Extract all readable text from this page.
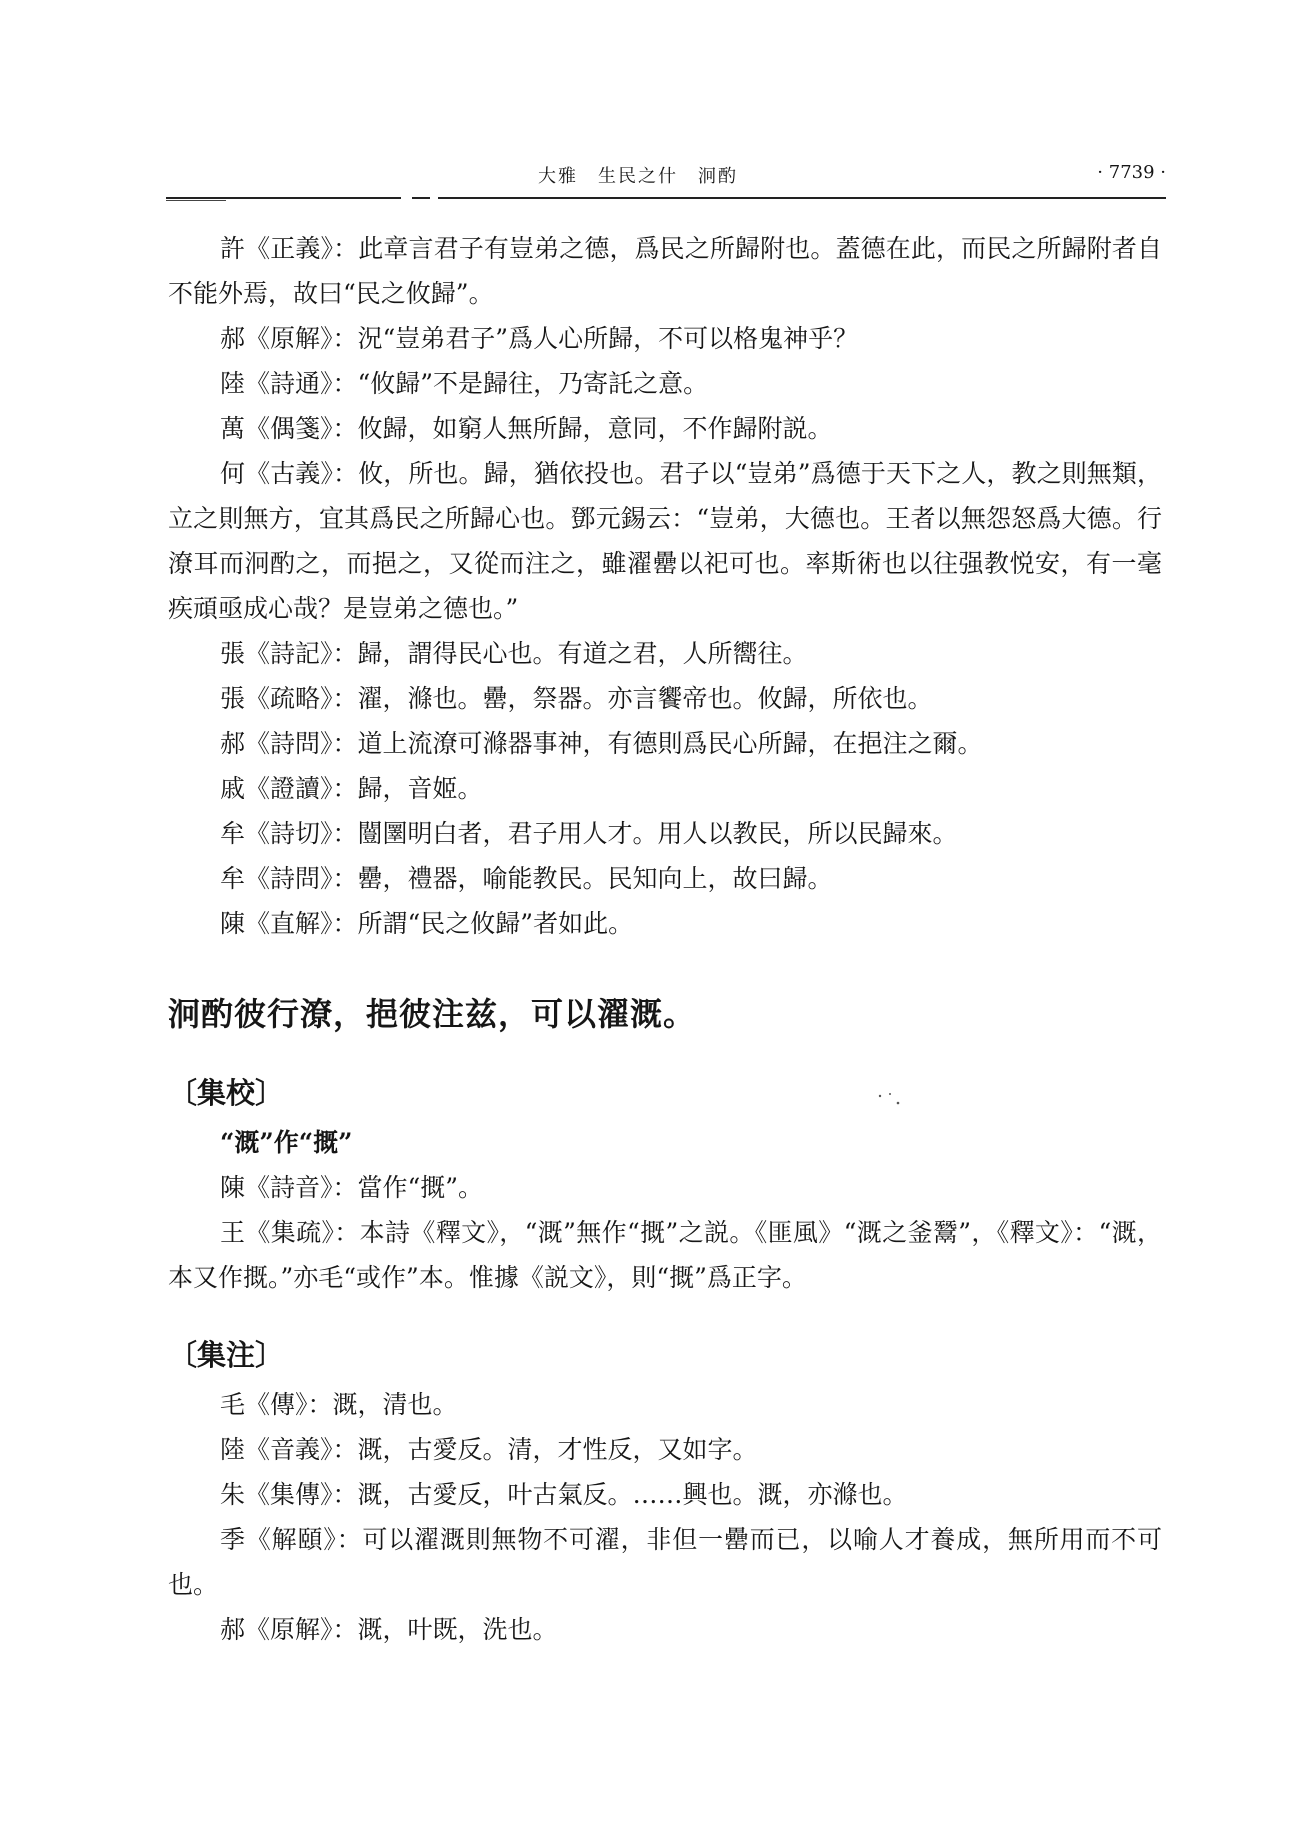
大雅　生民之什　泂酌	· 7739 ·

許《正義》：此章言君子有豈弟之德，爲民之所歸附也。蓋德在此，而民之所歸附者自不能外焉，故曰“民之攸歸”。

郝《原解》：況“豈弟君子”爲人心所歸，不可以格鬼神乎？

陸《詩通》：“攸歸”不是歸往，乃寄託之意。

萬《偶箋》：攸歸，如窮人無所歸，意同，不作歸附説。

何《古義》：攸，所也。歸，猶依投也。君子以“豈弟”爲德于天下之人，教之則無類，立之則無方，宜其爲民之所歸心也。鄧元錫云：“豈弟，大德也。王者以無怨怒爲大德。行潦耳而泂酌之，而挹之，又從而注之，雖濯罍以祀可也。率斯術也以往强教悦安，有一毫疾頑亟成心哉？是豈弟之德也。”

張《詩記》：歸，謂得民心也。有道之君，人所嚮往。

張《疏略》：濯，滌也。罍，祭器。亦言饗帝也。攸歸，所依也。

郝《詩問》：道上流潦可滌器事神，有德則爲民心所歸，在挹注之爾。

戚《證讀》：歸，音姬。

牟《詩切》：闓圛明白者，君子用人才。用人以教民，所以民歸來。

牟《詩問》：罍，禮器，喻能教民。民知向上，故曰歸。

陳《直解》：所謂“民之攸歸”者如此。

泂酌彼行潦，挹彼注兹，可以濯溉。
〔集校〕

“溉”作“摡”

陳《詩音》：當作“摡”。

王《集疏》：本詩《釋文》，“溉”無作“摡”之説。《匪風》“溉之釜鬵”，《釋文》：“溉，本又作摡。”亦毛“或作”本。惟據《説文》，則“摡”爲正字。

〔集注〕

毛《傳》：溉，清也。

陸《音義》：溉，古愛反。清，才性反，又如字。

朱《集傳》：溉，古愛反，叶古氣反。……興也。溉，亦滌也。

季《解頤》：可以濯溉則無物不可濯，非但一罍而已，以喻人才養成，無所用而不可也。

郝《原解》：溉，叶既，洗也。
